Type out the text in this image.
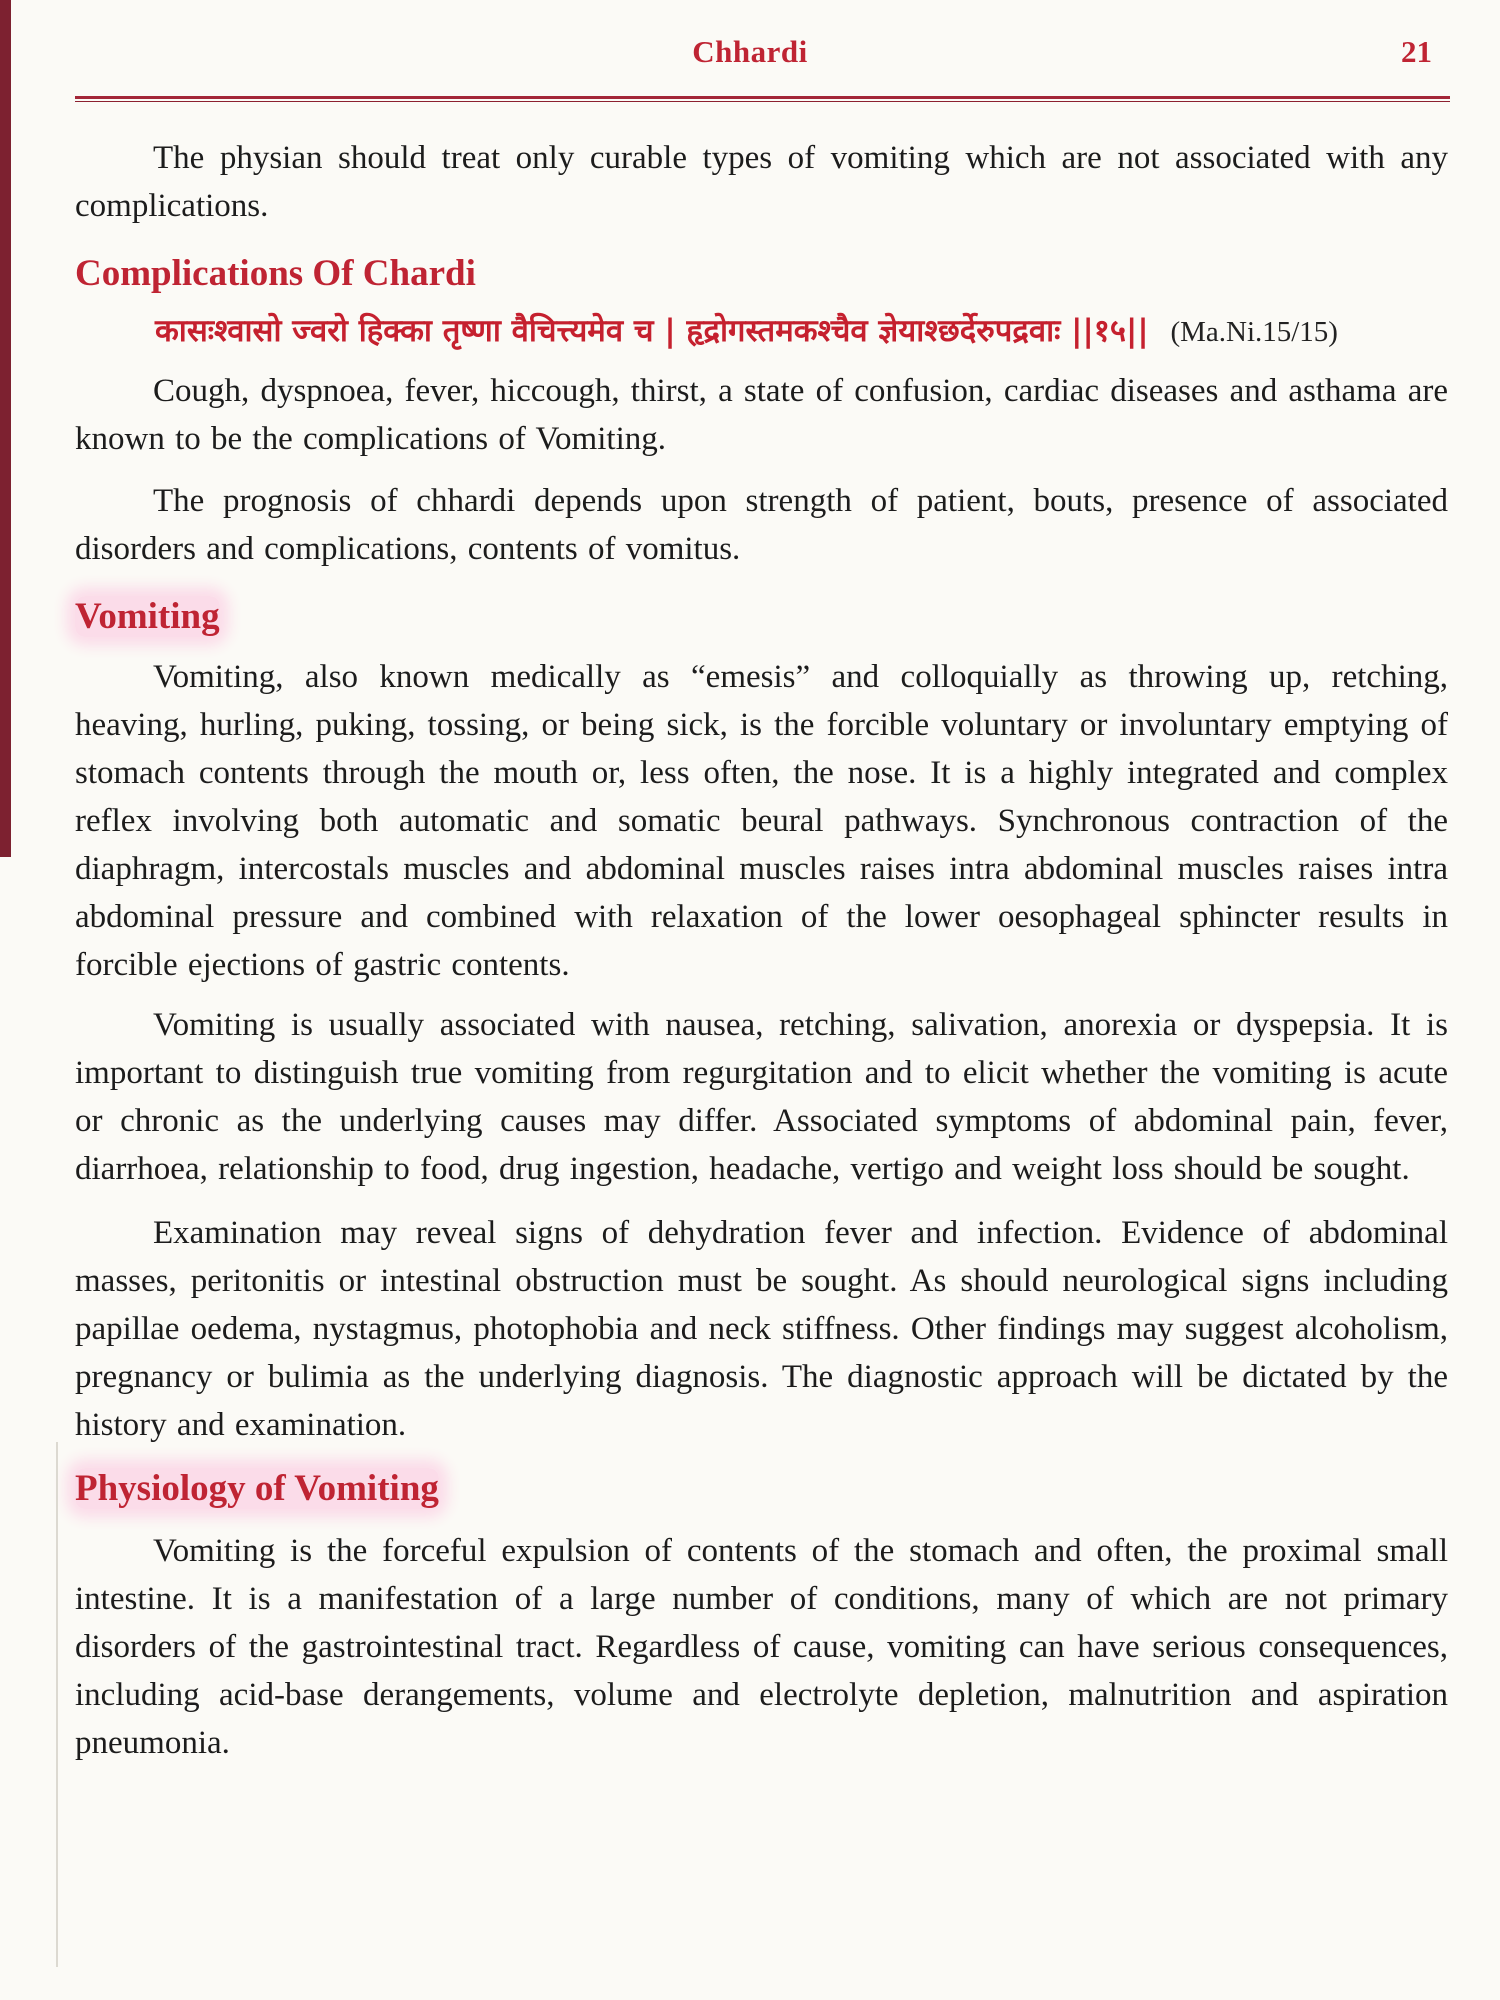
Chhardi	21

The physian should treat only curable types of vomiting which are not associated with any complications.

Complications Of Chardi

कासःश्वासो ज्वरो हिक्का तृष्णा वैचित्त्यमेव च | हृद्रोगस्तमकश्चैव ज्ञेयाश्छर्देरुपद्रवाः ||१५|| (Ma.Ni.15/15)

Cough, dyspnoea, fever, hiccough, thirst, a state of confusion, cardiac diseases and asthama are known to be the complications of Vomiting.

The prognosis of chhardi depends upon strength of patient, bouts, presence of associated disorders and complications, contents of vomitus.

Vomiting

Vomiting, also known medically as “emesis” and colloquially as throwing up, retching, heaving, hurling, puking, tossing, or being sick, is the forcible voluntary or involuntary emptying of stomach contents through the mouth or, less often, the nose. It is a highly integrated and complex reflex involving both automatic and somatic beural pathways. Synchronous contraction of the diaphragm, intercostals muscles and abdominal muscles raises intra abdominal muscles raises intra abdominal pressure and combined with relaxation of the lower oesophageal sphincter results in forcible ejections of gastric contents.

Vomiting is usually associated with nausea, retching, salivation, anorexia or dyspepsia. It is important to distinguish true vomiting from regurgitation and to elicit whether the vomiting is acute or chronic as the underlying causes may differ. Associated symptoms of abdominal pain, fever, diarrhoea, relationship to food, drug ingestion, headache, vertigo and weight loss should be sought.

Examination may reveal signs of dehydration fever and infection. Evidence of abdominal masses, peritonitis or intestinal obstruction must be sought. As should neurological signs including papillae oedema, nystagmus, photophobia and neck stiffness. Other findings may suggest alcoholism, pregnancy or bulimia as the underlying diagnosis. The diagnostic approach will be dictated by the history and examination.

Physiology of Vomiting

Vomiting is the forceful expulsion of contents of the stomach and often, the proximal small intestine. It is a manifestation of a large number of conditions, many of which are not primary disorders of the gastrointestinal tract. Regardless of cause, vomiting can have serious consequences, including acid-base derangements, volume and electrolyte depletion, malnutrition and aspiration pneumonia.
